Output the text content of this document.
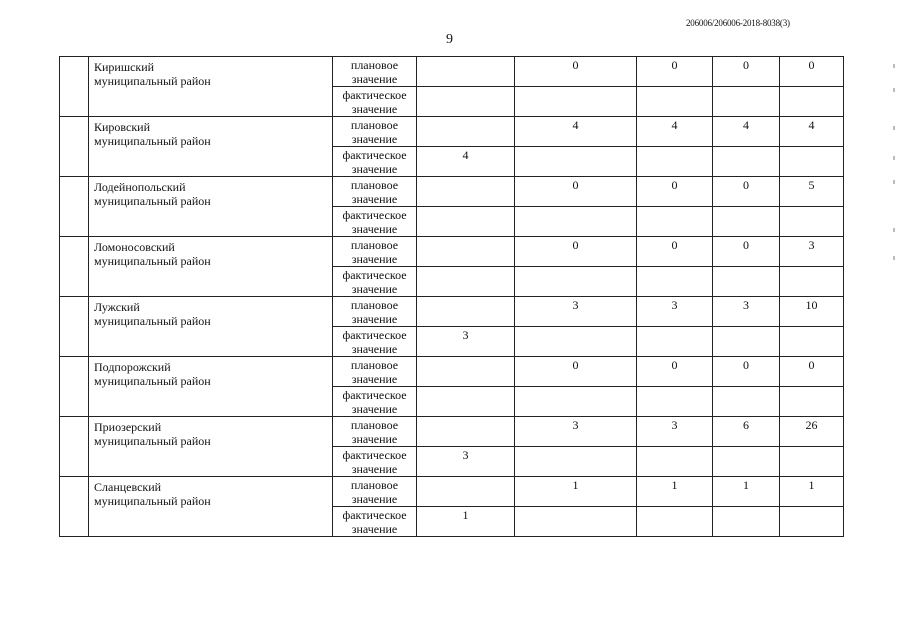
206006/206006-2018-8038(3)
9

	Киришский
муниципальный район	плановое значение		0	0	0	0
		фактическое значение					

	Кировский
муниципальный район	плановое значение		4	4	4	4
		фактическое значение	4				

	Лодейнопольский
муниципальный район	плановое значение		0	0	0	5
		фактическое значение					

	Ломоносовский
муниципальный район	плановое значение		0	0	0	3
		фактическое значение					

	Лужский
муниципальный район	плановое значение		3	3	3	10
		фактическое значение	3				

	Подпорожский
муниципальный район	плановое значение		0	0	0	0
		фактическое значение					

	Приозерский
муниципальный район	плановое значение		3	3	6	26
		фактическое значение	3				

	Сланцевский
муниципальный район	плановое значение		1	1	1	1
		фактическое значение	1				
